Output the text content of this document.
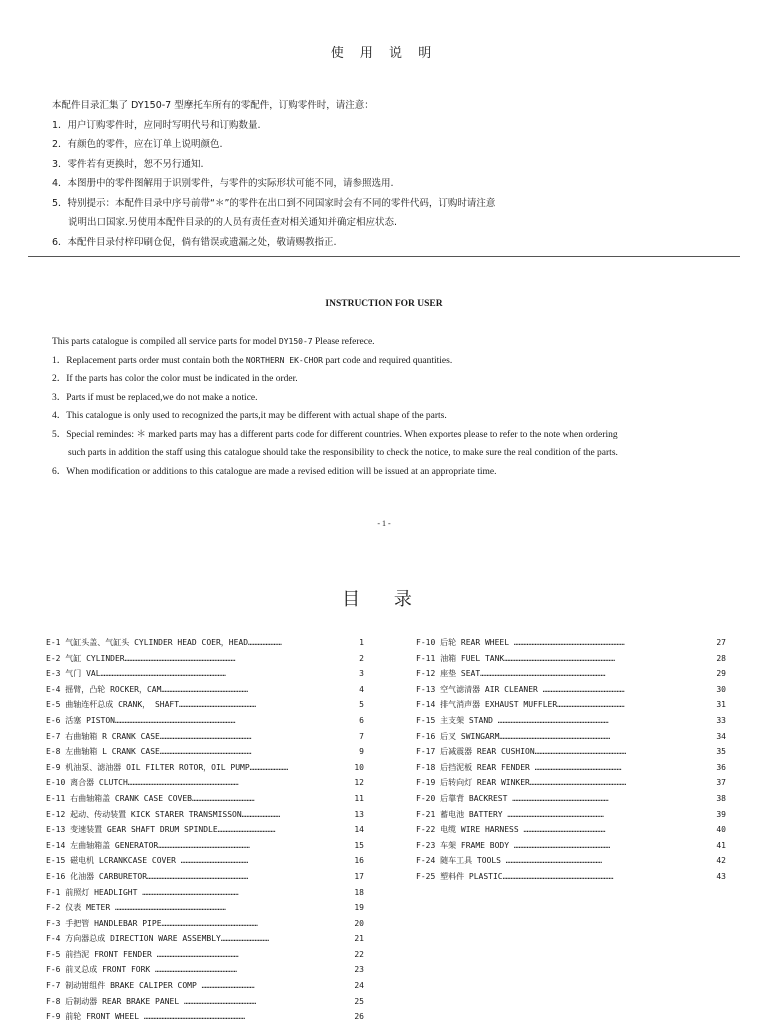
使 用 说 明
本配件目录汇集了 DY150-7 型摩托车所有的零配件，订购零件时，请注意：
1．用户订购零件时，应同时写明代号和订购数量.
2．有颜色的零件，应在订单上说明颜色.
3．零件若有更换时，恕不另行通知.
4．本图册中的零件图解用于识别零件，与零件的实际形状可能不同，请参照选用.
5．特别提示：本配件目录中序号前带“＊”的零件在出口到不同国家时会有不同的零件代码，订购时请注意
说明出口国家.另使用本配件目录的的人员有责任查对相关通知并确定相应状态.
6．本配件目录付梓印刷仓促，倘有错误或遗漏之处，敬请赐教指正.
INSTRUCTION FOR USER
This parts catalogue is compiled all service parts for model DY150-7 Please referece.
1．Replacement parts order must contain both the NORTHERN EK-CHOR part code and required quantities.
2．If the parts has color the color must be indicated in the order.
3．Parts if must be replaced,we do not make a notice.
4．This catalogue is only used to recognized the parts,it may be different with actual shape of the parts.
5．Special remindes: ＊ marked parts may has a different parts code for different countries. When exportes please to refer to the note when ordering
such parts in addition the staff using this catalogue should take the responsibility to check the notice, to make sure the real condition of the parts.
6．When modification or additions to this catalogue are made a revised edition will be issued at an appropriate time.
- 1 -
目 录
E-1 气缸头盖、气缸头 CYLINDER HEAD COER，HEAD…………………	1
E-2 气缸 CYLINDER……………………………………………………………	2
E-3 气门 VAL……………………………………………………………………	3
E-4 摇臂，凸轮 ROCKER，CAM………………………………………………	4
E-5 曲轴连杆总成 CRANK， SHAFT…………………………………………	5
E-6 活塞 PISTON…………………………………………………………………	6
E-7 右曲轴箱 R CRANK CASE…………………………………………………	7
E-8 左曲轴箱 L CRANK CASE…………………………………………………	9
E-9 机油泵、滤油器 OIL FILTER ROTOR，OIL PUMP……………………	10
E-10 离合器 CLUTCH……………………………………………………………	12
E-11 右曲轴箱盖 CRANK CASE COVEB…………………………………	11
E-12 起动、传动装置 KICK STARER TRANSMISSON……………………	13
E-13 变速装置 GEAR SHAFT DRUM SPINDLE………………………………	14
E-14 左曲轴箱盖 GENERATOR…………………………………………………	15
E-15 磁电机 LCRANKCASE COVER ……………………………………	16
E-16 化油器 CARBURETOR………………………………………………………	17
F-1 前照灯 HEADLIGHT ……………………………………………………	18
F-2 仪表 METER ……………………………………………………………	19
F-3 手把管 HANDLEBAR PIPE……………………………………………………	20
F-4 方向器总成 DIRECTION WARE ASSEMBLY…………………………	21
F-5 前挡泥 FRONT FENDER ……………………………………………	22
F-6 前叉总成 FRONT FORK ……………………………………………	23
F-7 制动钳组件 BRAKE CALIPER COMP ……………………………	24
F-8 后制动器 REAR BRAKE PANEL ………………………………………	25
F-9 前轮 FRONT WHEEL ………………………………………………………	26
F-10 后轮 REAR WHEEL ……………………………………………………………	27
F-11 油箱 FUEL TANK……………………………………………………………	28
F-12 座垫 SEAT……………………………………………………………………	29
F-13 空气滤清器 AIR CLEANER ……………………………………………	30
F-14 排气消声器 EXHAUST MUFFLER……………………………………	31
F-15 主支架 STAND ……………………………………………………………	33
F-16 后叉 SWINGARM……………………………………………………………	34
F-17 后减震器 REAR CUSHION…………………………………………………	35
F-18 后挡泥板 REAR FENDER ………………………………………………	36
F-19 后转向灯 REAR WINKER……………………………………………………	37
F-20 后靠背 BACKREST ……………………………………………………	38
F-21 蓄电池 BATTERY ……………………………………………………	39
F-22 电缆 WIRE HARNESS ……………………………………………	40
F-23 车架 FRAME BODY ……………………………………………………	41
F-24 随车工具 TOOLS ……………………………………………………	42
F-25 塑料件 PLASTIC……………………………………………………………	43
